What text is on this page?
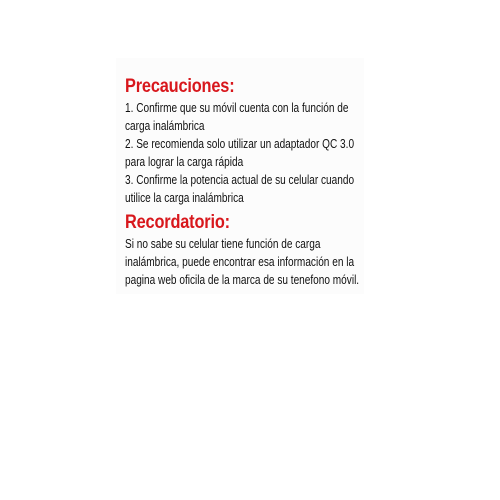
Precauciones:
1. Confirme que su móvil cuenta con la función de
carga inalámbrica
2. Se recomienda solo utilizar un adaptador QC 3.0
para lograr la carga rápida
3. Confirme la potencia actual de su celular cuando
utilice la carga inalámbrica
Recordatorio:
Si no sabe su celular tiene función de carga
inalámbrica, puede encontrar esa información en la
pagina web oficila de la marca de su tenefono móvil.
